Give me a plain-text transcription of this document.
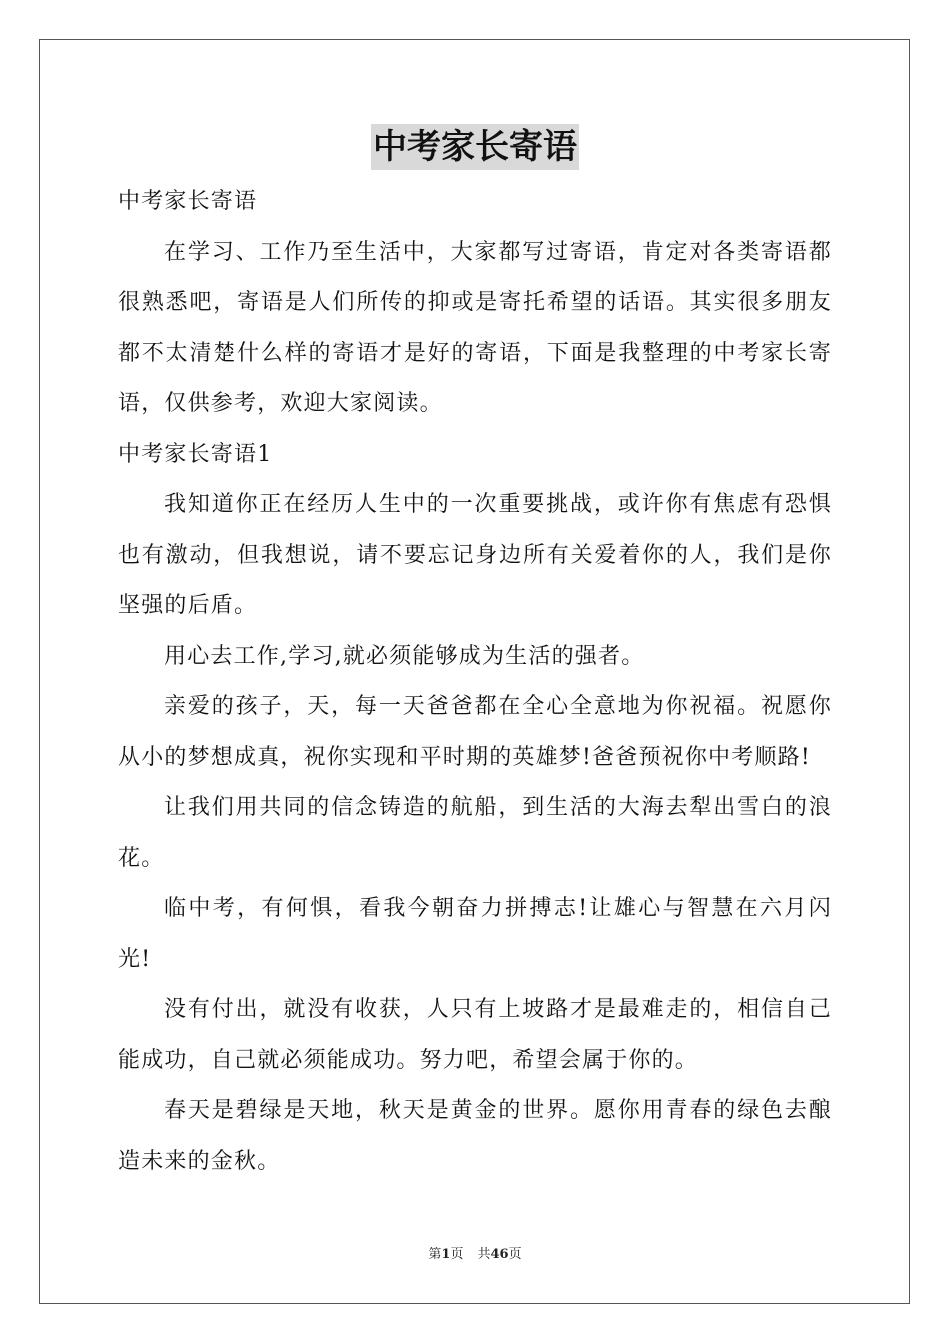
中考家长寄语

中考家长寄语

在学习、工作乃至生活中，大家都写过寄语，肯定对各类寄语都很熟悉吧，寄语是人们所传的抑或是寄托希望的话语。其实很多朋友都不太清楚什么样的寄语才是好的寄语，下面是我整理的中考家长寄语，仅供参考，欢迎大家阅读。

中考家长寄语1

我知道你正在经历人生中的一次重要挑战，或许你有焦虑有恐惧也有激动，但我想说，请不要忘记身边所有关爱着你的人，我们是你坚强的后盾。

用心去工作,学习,就必须能够成为生活的强者。

亲爱的孩子，天，每一天爸爸都在全心全意地为你祝福。祝愿你从小的梦想成真，祝你实现和平时期的英雄梦!爸爸预祝你中考顺路!

让我们用共同的信念铸造的航船，到生活的大海去犁出雪白的浪花。

临中考，有何惧，看我今朝奋力拼搏志!让雄心与智慧在六月闪光!

没有付出，就没有收获，人只有上坡路才是最难走的，相信自己能成功，自己就必须能成功。努力吧，希望会属于你的。

春天是碧绿是天地，秋天是黄金的世界。愿你用青春的绿色去酿造未来的金秋。

第1页 共46页
